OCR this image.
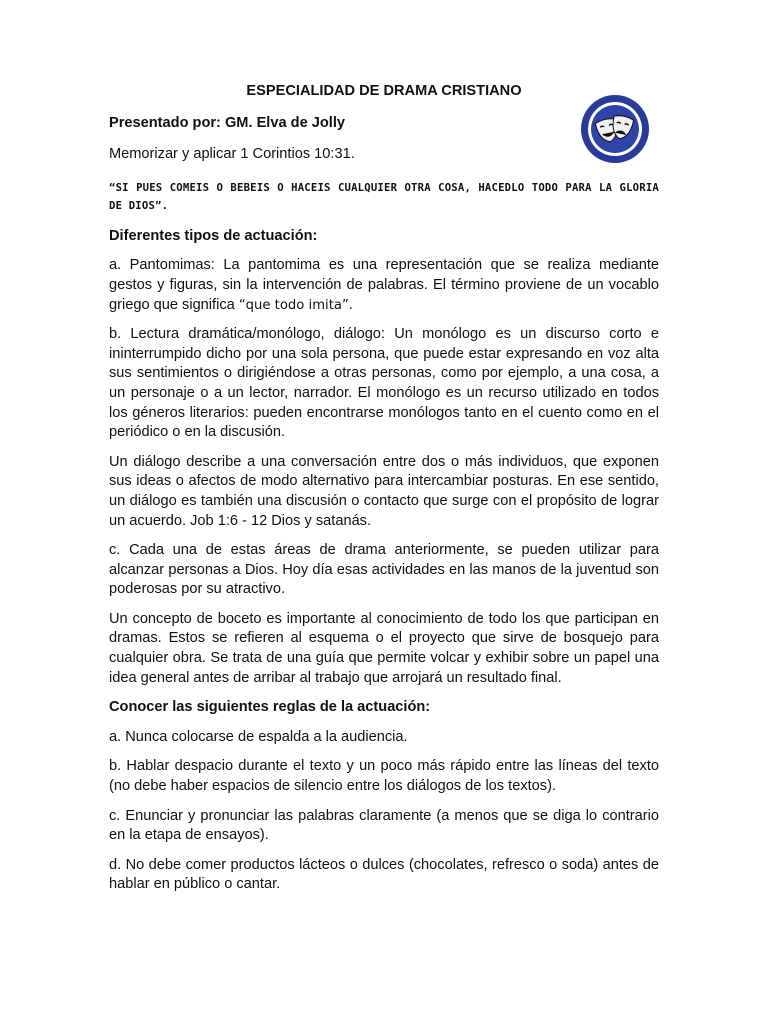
ESPECIALIDAD DE DRAMA CRISTIANO
Presentado por: GM. Elva de Jolly
Memorizar y aplicar 1 Corintios 10:31.
“SI PUES COMEIS O BEBEIS O HACEIS CUALQUIER OTRA COSA, HACEDLO TODO PARA LA GLORIA DE DIOS”.
Diferentes tipos de actuación:
a. Pantomimas: La pantomima es una representación que se realiza mediante gestos y figuras, sin la intervención de palabras. El término proviene de un vocablo griego que significa “que todo imita”.
b. Lectura dramática/monólogo, diálogo: Un monólogo es un discurso corto e ininterrumpido dicho por una sola persona, que puede estar expresando en voz alta sus sentimientos o dirigiéndose a otras personas, como por ejemplo, a una cosa, a un personaje o a un lector, narrador. El monólogo es un recurso utilizado en todos los géneros literarios: pueden encontrarse monólogos tanto en el cuento como en el periódico o en la discusión.
Un diálogo describe a una conversación entre dos o más individuos, que exponen sus ideas o afectos de modo alternativo para intercambiar posturas. En ese sentido, un diálogo es también una discusión o contacto que surge con el propósito de lograr un acuerdo. Job 1:6 - 12 Dios y satanás.
c. Cada una de estas áreas de drama anteriormente, se pueden utilizar para alcanzar personas a Dios. Hoy día esas actividades en las manos de la juventud son poderosas por su atractivo.
Un concepto de boceto es importante al conocimiento de todo los que participan en dramas. Estos se refieren al esquema o el proyecto que sirve de bosquejo para cualquier obra. Se trata de una guía que permite volcar y exhibir sobre un papel una idea general antes de arribar al trabajo que arrojará un resultado final.
Conocer las siguientes reglas de la actuación:
a. Nunca colocarse de espalda a la audiencia.
b. Hablar despacio durante el texto y un poco más rápido entre las líneas del texto (no debe haber espacios de silencio entre los diálogos de los textos).
c. Enunciar y pronunciar las palabras claramente (a menos que se diga lo contrario en la etapa de ensayos).
d. No debe comer productos lácteos o dulces (chocolates, refresco o soda) antes de hablar en público o cantar.
